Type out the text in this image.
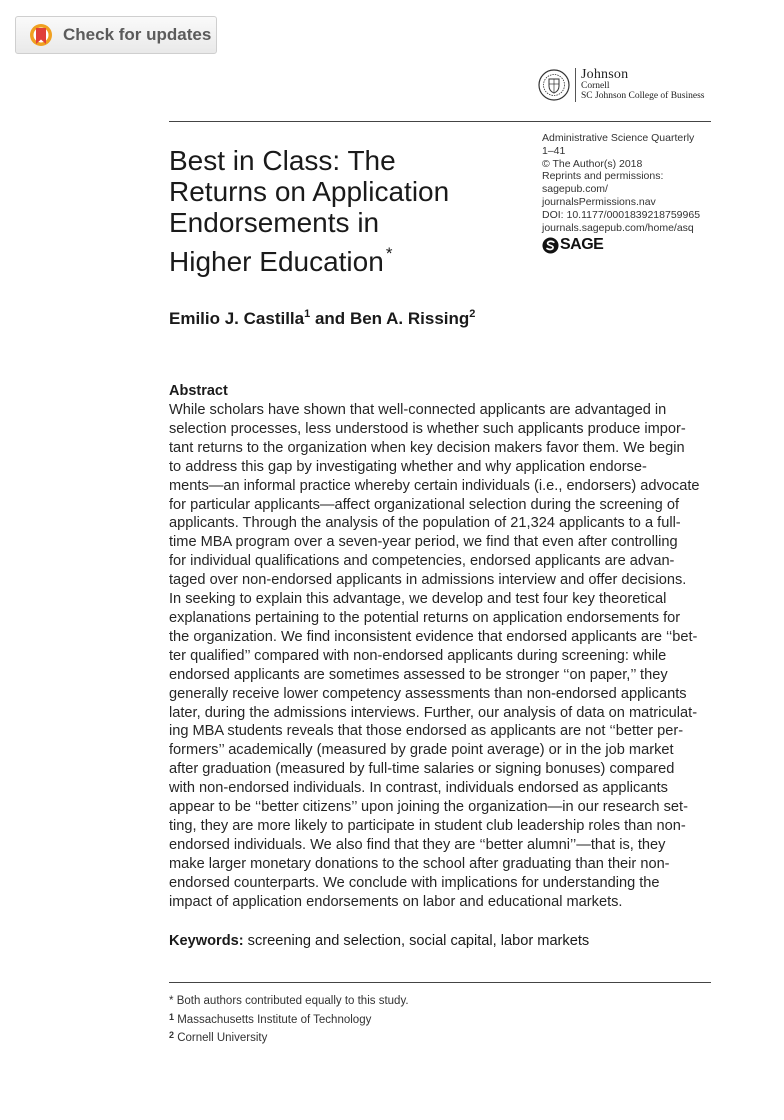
Check for updates
Johnson
Cornell
SC Johnson College of Business
Best in Class: The
Returns on Application
Endorsements in
Higher Education *
Administrative Science Quarterly
1–41
© The Author(s) 2018
Reprints and permissions:
sagepub.com/
journalsPermissions.nav
DOI: 10.1177/0001839218759965
journals.sagepub.com/home/asq
SAGE

Emilio J. Castilla$^1$ and Ben A. Rissing$^2$

Abstract

While scholars have shown that well-connected applicants are advantaged in
selection processes, less understood is whether such applicants produce impor-
tant returns to the organization when key decision makers favor them. We begin
to address this gap by investigating whether and why application endorse-
ments—an informal practice whereby certain individuals (i.e., endorsers) advocate
for particular applicants—affect organizational selection during the screening of
applicants. Through the analysis of the population of 21,324 applicants to a full-
time MBA program over a seven-year period, we find that even after controlling
for individual qualifications and competencies, endorsed applicants are advan-
taged over non-endorsed applicants in admissions interview and offer decisions.
In seeking to explain this advantage, we develop and test four key theoretical
explanations pertaining to the potential returns on application endorsements for
the organization. We find inconsistent evidence that endorsed applicants are ‘‘bet-
ter qualified’’ compared with non-endorsed applicants during screening: while
endorsed applicants are sometimes assessed to be stronger ‘‘on paper,’’ they
generally receive lower competency assessments than non-endorsed applicants
later, during the admissions interviews. Further, our analysis of data on matriculat-
ing MBA students reveals that those endorsed as applicants are not ‘‘better per-
formers’’ academically (measured by grade point average) or in the job market
after graduation (measured by full-time salaries or signing bonuses) compared
with non-endorsed individuals. In contrast, individuals endorsed as applicants
appear to be ‘‘better citizens’’ upon joining the organization—in our research set-
ting, they are more likely to participate in student club leadership roles than non-
endorsed individuals. We also find that they are ‘‘better alumni’’—that is, they
make larger monetary donations to the school after graduating than their non-
endorsed counterparts. We conclude with implications for understanding the
impact of application endorsements on labor and educational markets.

Keywords: screening and selection, social capital, labor markets

* Both authors contributed equally to this study.
$^1$ Massachusetts Institute of Technology
$^2$ Cornell University
